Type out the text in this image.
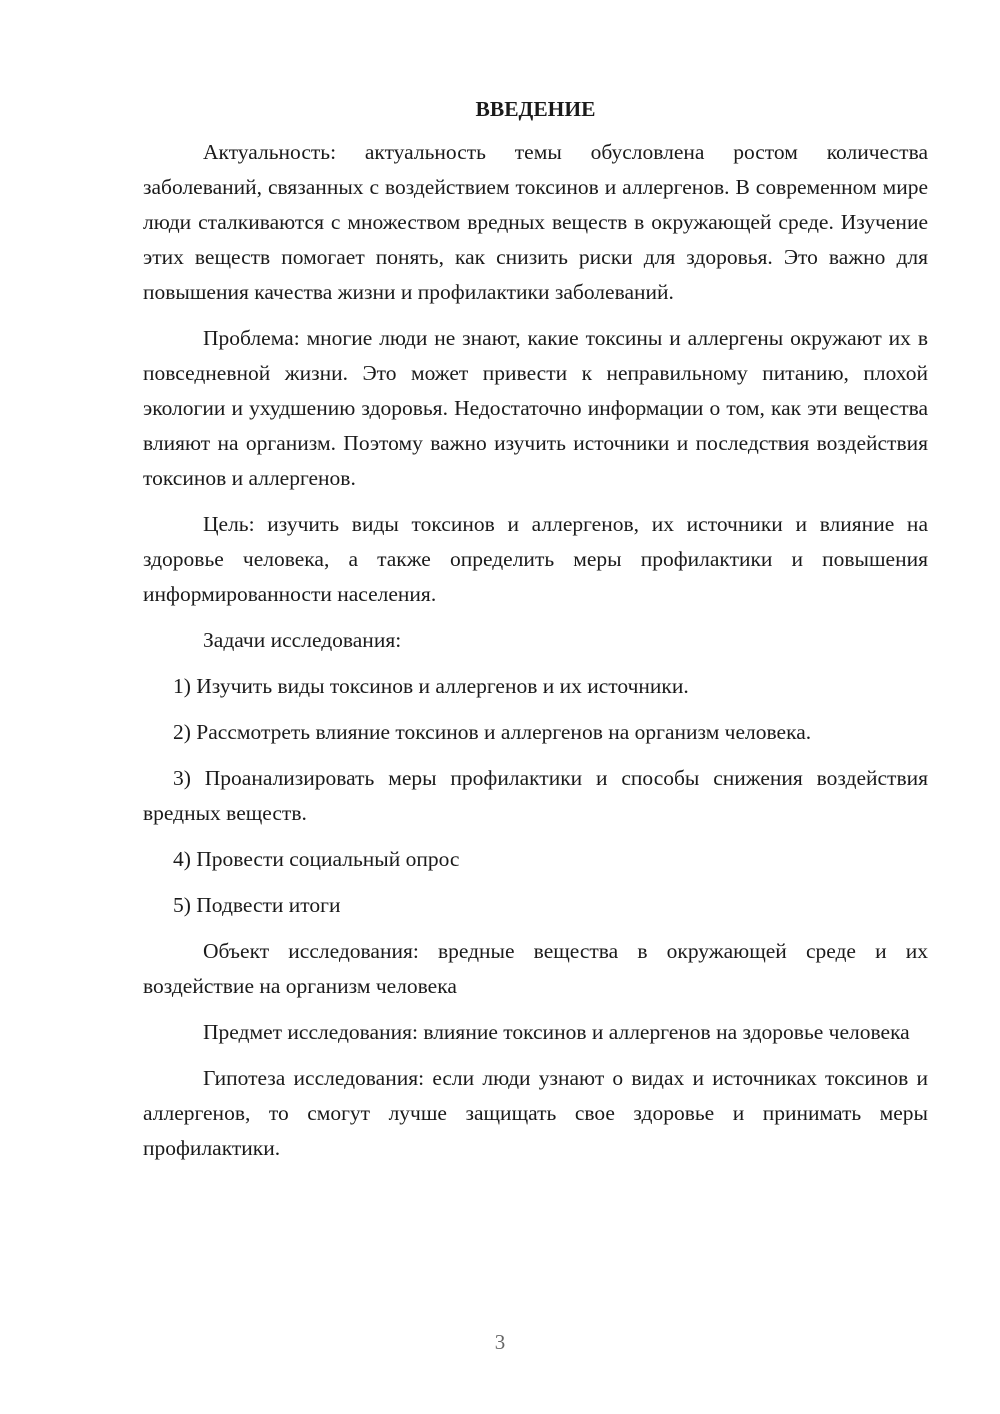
ВВЕДЕНИЕ

Актуальность: актуальность темы обусловлена ростом количества заболеваний, связанных с воздействием токсинов и аллергенов. В современном мире люди сталкиваются с множеством вредных веществ в окружающей среде. Изучение этих веществ помогает понять, как снизить риски для здоровья. Это важно для повышения качества жизни и профилактики заболеваний.

Проблема: многие люди не знают, какие токсины и аллергены окружают их в повседневной жизни. Это может привести к неправильному питанию, плохой экологии и ухудшению здоровья. Недостаточно информации о том, как эти вещества влияют на организм. Поэтому важно изучить источники и последствия воздействия токсинов и аллергенов.

Цель: изучить виды токсинов и аллергенов, их источники и влияние на здоровье человека, а также определить меры профилактики и повышения информированности населения.

Задачи исследования:

1) Изучить виды токсинов и аллергенов и их источники.

2) Рассмотреть влияние токсинов и аллергенов на организм человека.

3) Проанализировать меры профилактики и способы снижения воздействия вредных веществ.

4) Провести социальный опрос

5) Подвести итоги

Объект исследования: вредные вещества в окружающей среде и их воздействие на организм человека

Предмет исследования: влияние токсинов и аллергенов на здоровье человека

Гипотеза исследования: если люди узнают о видах и источниках токсинов и аллергенов, то смогут лучше защищать свое здоровье и принимать меры профилактики.

3
